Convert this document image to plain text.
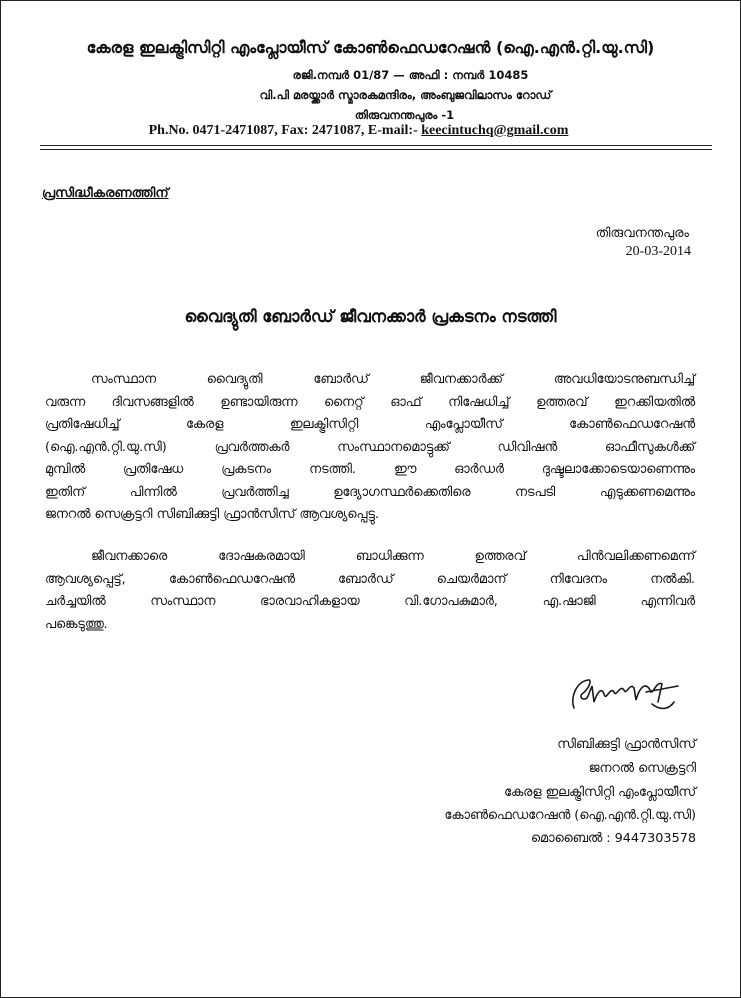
കേരള ഇലക്ട്രിസിറ്റി എംപ്ലോയീസ് കോൺഫെഡറേഷൻ (ഐ.എൻ.റ്റി.യു.സി)
രജി.നമ്പർ 01/87 — അഫി : നമ്പർ 10485
വി.പി മരയ്ക്കാർ സ്മാരകമന്ദിരം, അംബുജവിലാസം റോഡ്
തിരുവനന്തപുരം -1
Ph.No. 0471-2471087, Fax: 2471087, E-mail:- keecintuchq@gmail.com
പ്രസിദ്ധീകരണത്തിന്
തിരുവനന്തപുരം
20-03-2014
വൈദ്യുതി ബോർഡ് ജീവനക്കാർ പ്രകടനം നടത്തി
സംസ്ഥാന	വൈദ്യുതി	ബോർഡ്	ജീവനക്കാർക്ക്	അവധിയോടനുബന്ധിച്ച്
വരുന്ന ദിവസങ്ങളിൽ ഉണ്ടായിരുന്ന നൈറ്റ് ഓഫ് നിഷേധിച്ച് ഉത്തരവ് ഇറക്കിയതിൽ
പ്രതിഷേധിച്ച്	കേരള	ഇലക്ട്രിസിറ്റി	എംപ്ലോയീസ്	കോൺഫെഡറേഷൻ
(ഐ.എൻ.റ്റി.യു.സി)	പ്രവർത്തകർ	സംസ്ഥാനമൊട്ടുക്ക്	ഡിവിഷൻ	ഓഫീസുകൾക്ക്
മുമ്പിൽ	പ്രതിഷേധ	പ്രകടനം	നടത്തി.	ഈ	ഓർഡർ	ദുഷ്ടലാക്കോടെയാണെന്നും
ഇതിന്	പിന്നിൽ	പ്രവർത്തിച്ച	ഉദ്യോഗസ്ഥർക്കെതിരെ	നടപടി	എടുക്കണമെന്നും
ജനറൽ സെക്രട്ടറി സിബിക്കുട്ടി ഫ്രാൻസിസ് ആവശ്യപ്പെട്ടു.
ജീവനക്കാരെ	ദോഷകരമായി	ബാധിക്കുന്ന	ഉത്തരവ്	പിൻവലിക്കണമെന്ന്
ആവശ്യപ്പെട്ട്,	കോൺഫെഡറേഷൻ	ബോർഡ്	ചെയർമാന്	നിവേദനം	നൽകി.
ചർച്ചയിൽ	സംസ്ഥാന	ഭാരവാഹികളായ	വി.ഗോപകുമാർ,	എ.ഷാജി	എന്നിവർ
പങ്കെടുത്തു.
സിബിക്കുട്ടി ഫ്രാൻസിസ്
ജനറൽ സെക്രട്ടറി
കേരള ഇലക്ട്രിസിറ്റി എംപ്ലോയീസ്
കോൺഫെഡറേഷൻ (ഐ.എൻ.റ്റി.യു.സി)
മൊബൈൽ : 9447303578
